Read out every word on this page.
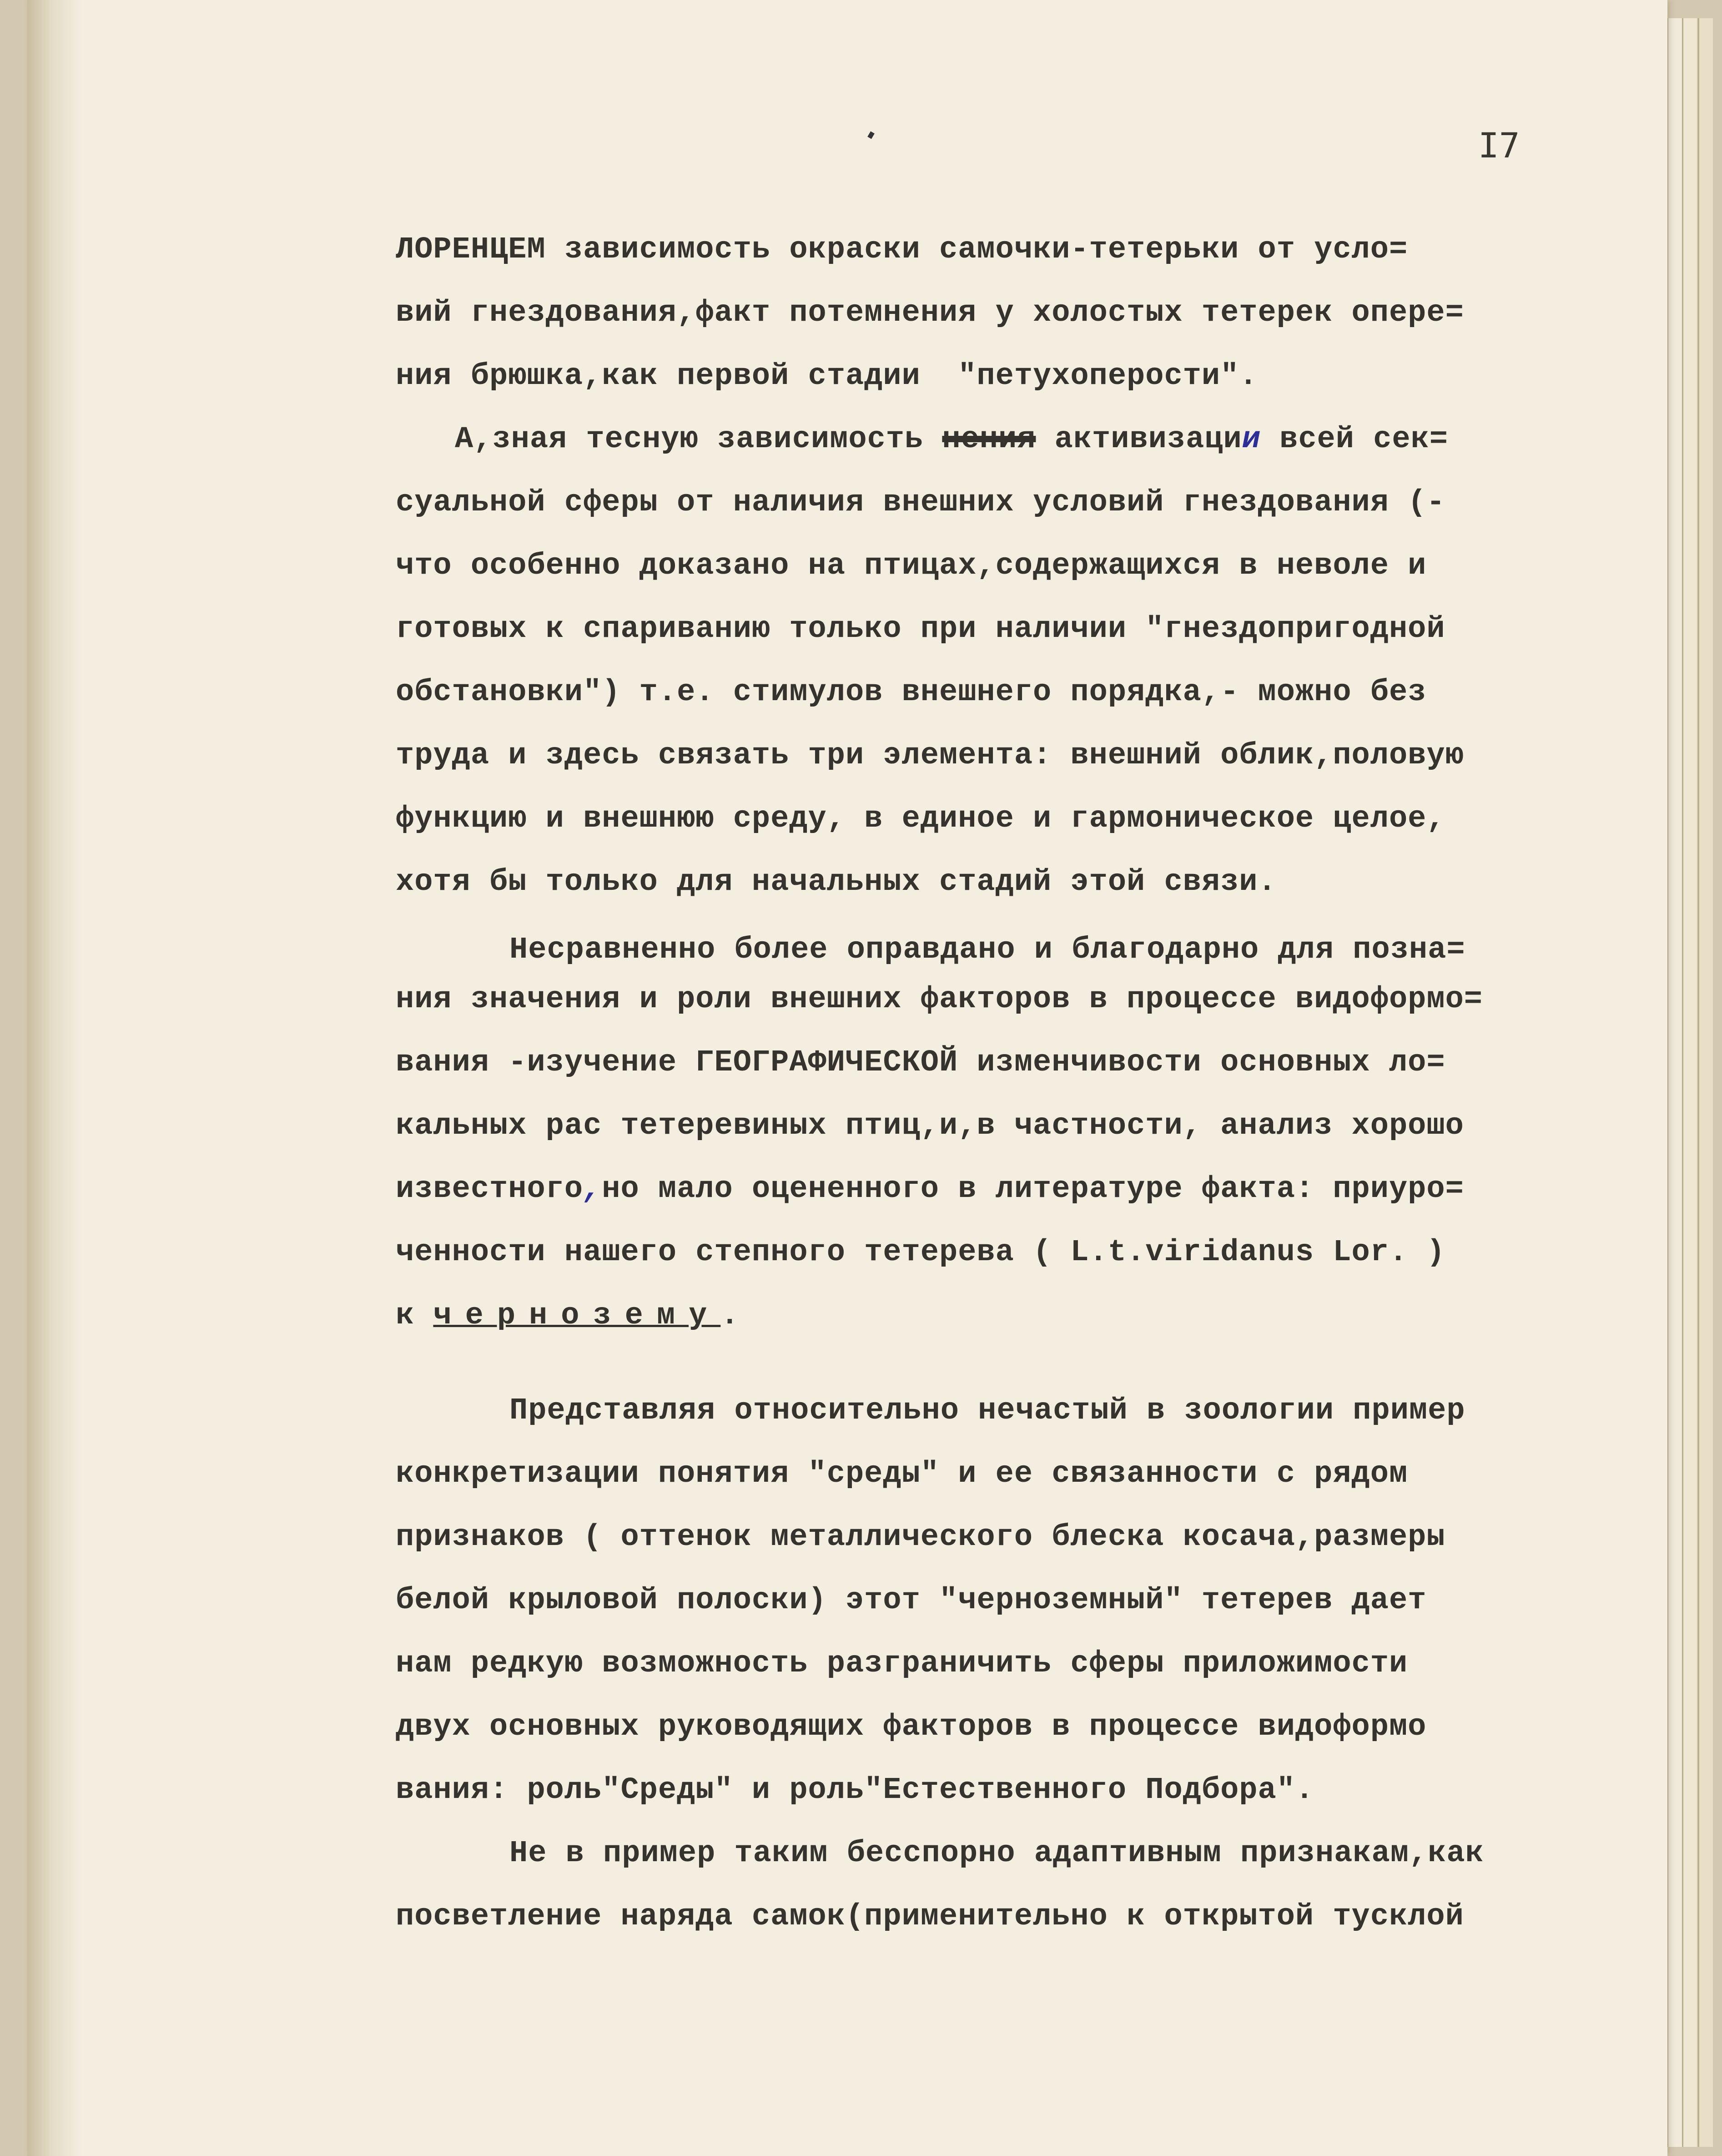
I7
ЛОРЕНЦЕМ зависимость окраски самочки-тетерьки от усло=
вий гнездования,факт потемнения у холостых тетерек опере=
ния брюшка,как первой стадии  "петухоперости".
А,зная тесную зависимость нения активизации всей сек=
суальной сферы от наличия внешних условий гнездования (-
что особенно доказано на птицах,содержащихся в неволе и
готовых к спариванию только при наличии "гнездопригодной
обстановки") т.е. стимулов внешнего порядка,- можно без
труда и здесь связать три элемента: внешний облик,половую
функцию и внешнюю среду, в единое и гармоническое целое,
хотя бы только для начальных стадий этой связи.
Несравненно более оправдано и благодарно для позна=
ния значения и роли внешних факторов в процессе видоформо=
вания -изучение ГЕОГРАФИЧЕСКОЙ изменчивости основных ло=
кальных рас тетеревиных птиц,и,в частности, анализ хорошо
известного,но мало оцененного в литературе факта: приуро=
ченности нашего степного тетерева ( L.t.viridanus Lor. )
к черноземy.
Представляя относительно нечастый в зоологии пример
конкретизации понятия "среды" и ее связанности с рядом
признаков ( оттенок металлического блеска косача,размеры
белой крыловой полоски) этот "черноземный" тетерев дает
нам редкую возможность разграничить сферы приложимости
двух основных руководящих факторов в процессе видоформо
вания: роль"Среды" и роль"Естественного Подбора".
Не в пример таким бесспорно адаптивным признакам,как
посветление наряда самок(применительно к открытой тусклой
